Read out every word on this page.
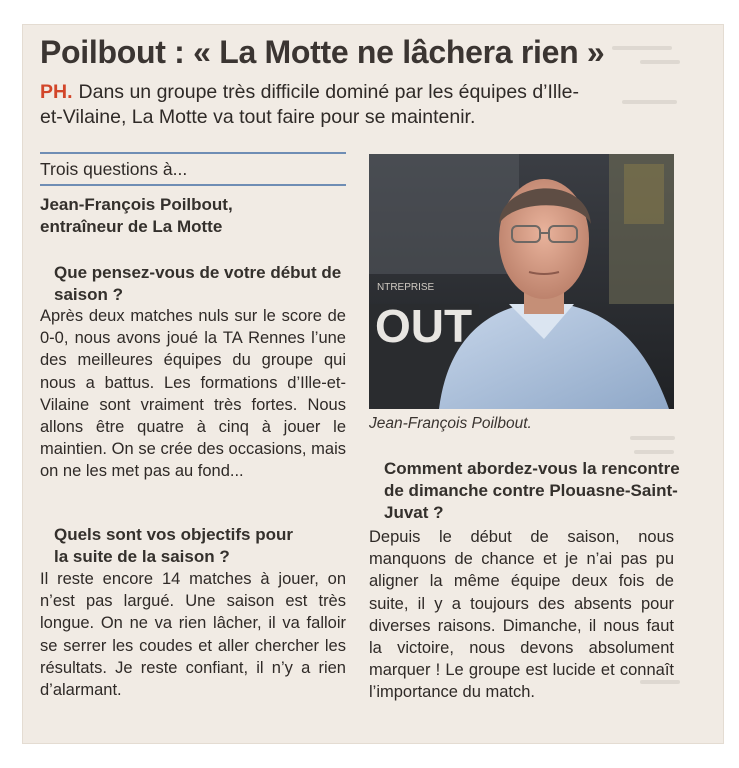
Poilbout : « La Motte ne lâchera rien »
PH. Dans un groupe très difficile dominé par les équipes d’Ille-et-Vilaine, La Motte va tout faire pour se maintenir.
Trois questions à...
Jean-François Poilbout,
entraîneur de La Motte
Que pensez-vous de votre début de saison ?
Après deux matches nuls sur le score de 0-0, nous avons joué la TA Rennes l’une des meilleures équipes du groupe qui nous a battus. Les formations d’Ille-et-Vilaine sont vraiment très fortes. Nous allons être quatre à cinq à jouer le maintien. On se crée des occasions, mais on ne les met pas au fond...
Quels sont vos objectifs pour la suite de la saison ?
Il reste encore 14 matches à jouer, on n’est pas largué. Une saison est très longue. On ne va rien lâcher, il va falloir se serrer les coudes et aller chercher les résultats. Je reste confiant, il n’y a rien d’alarmant.
OUT
NTREPRISE
Jean-François Poilbout.
Comment abordez-vous la rencontre de dimanche contre Plouasne-Saint-Juvat ?
Depuis le début de saison, nous manquons de chance et je n’ai pas pu aligner la même équipe deux fois de suite, il y a toujours des absents pour diverses raisons. Dimanche, il nous faut la victoire, nous devons absolument marquer ! Le groupe est lucide et connaît l’importance du match.
